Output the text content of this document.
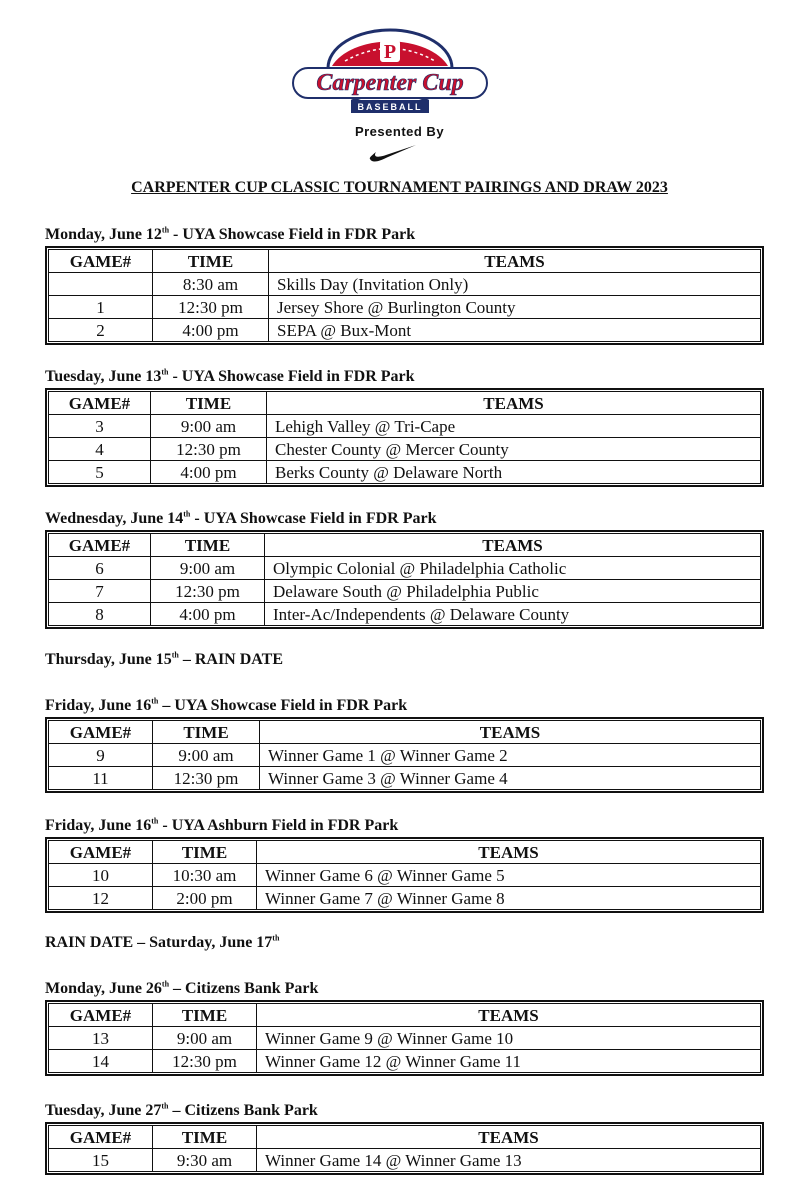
P
Carpenter Cup
BASEBALL
Presented By
CARPENTER CUP CLASSIC TOURNAMENT PAIRINGS AND DRAW 2023
Monday, June 12th - UYA Showcase Field in FDR Park
GAME#	TIME	TEAMS
	8:30 am	Skills Day (Invitation Only)
1	12:30 pm	Jersey Shore @ Burlington County
2	4:00 pm	SEPA @ Bux-Mont
Tuesday, June 13th - UYA Showcase Field in FDR Park
GAME#	TIME	TEAMS
3	9:00 am	Lehigh Valley @ Tri-Cape
4	12:30 pm	Chester County @ Mercer County
5	4:00 pm	Berks County @ Delaware North
Wednesday, June 14th - UYA Showcase Field in FDR Park
GAME#	TIME	TEAMS
6	9:00 am	Olympic Colonial @ Philadelphia Catholic
7	12:30 pm	Delaware South @ Philadelphia Public
8	4:00 pm	Inter-Ac/Independents @ Delaware County
Thursday, June 15th – RAIN DATE
Friday, June 16th – UYA Showcase Field in FDR Park
GAME#	TIME	TEAMS
9	9:00 am	Winner Game 1 @ Winner Game 2
11	12:30 pm	Winner Game 3 @ Winner Game 4
Friday, June 16th - UYA Ashburn Field in FDR Park
GAME#	TIME	TEAMS
10	10:30 am	Winner Game 6 @ Winner Game 5
12	2:00 pm	Winner Game 7 @ Winner Game 8
RAIN DATE – Saturday, June 17th
Monday, June 26th – Citizens Bank Park
GAME#	TIME	TEAMS
13	9:00 am	Winner Game 9 @ Winner Game 10
14	12:30 pm	Winner Game 12 @ Winner Game 11
Tuesday, June 27th – Citizens Bank Park
GAME#	TIME	TEAMS
15	9:30 am	Winner Game 14 @ Winner Game 13
